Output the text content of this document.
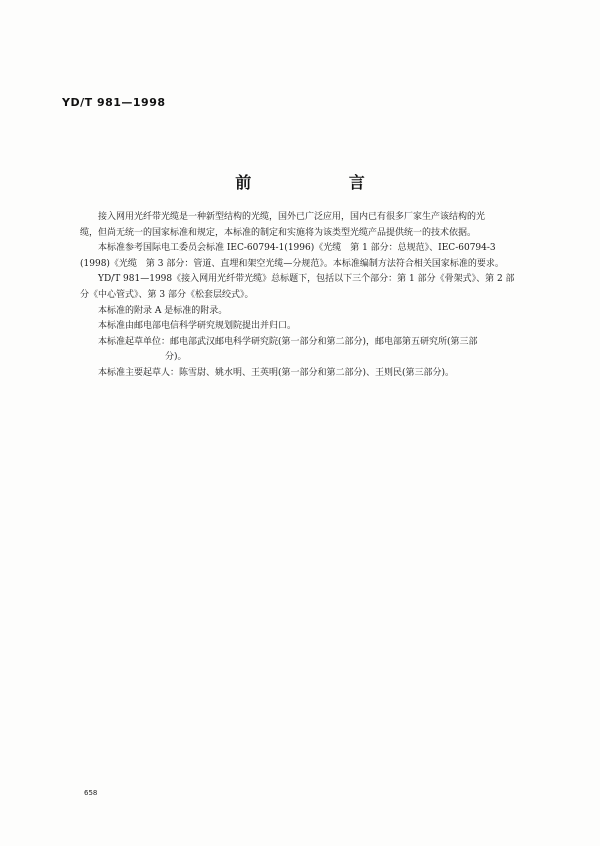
YD/T 981—1998
前 言

接入网用光纤带光缆是一种新型结构的光缆，国外已广泛应用，国内已有很多厂家生产该结构的光
缆，但尚无统一的国家标准和规定，本标准的制定和实施将为该类型光缆产品提供统一的技术依据。

本标准参考国际电工委员会标准 IEC-60794-1(1996)《光缆　第 1 部分：总规范》、IEC-60794-3
(1998)《光缆　第 3 部分：管道、直埋和架空光缆—分规范》。本标准编制方法符合相关国家标准的要求。

YD/T 981—1998《接入网用光纤带光缆》总标题下，包括以下三个部分：第 1 部分《骨架式》、第 2 部
分《中心管式》、第 3 部分《松套层绞式》。

本标准的附录 A 是标准的附录。

本标准由邮电部电信科学研究规划院提出并归口。

本标准起草单位：邮电部武汉邮电科学研究院(第一部分和第二部分)，邮电部第五研究所(第三部
分)。

本标准主要起草人：陈雪尉、姚水明、王英明(第一部分和第二部分)、王则民(第三部分)。

658
